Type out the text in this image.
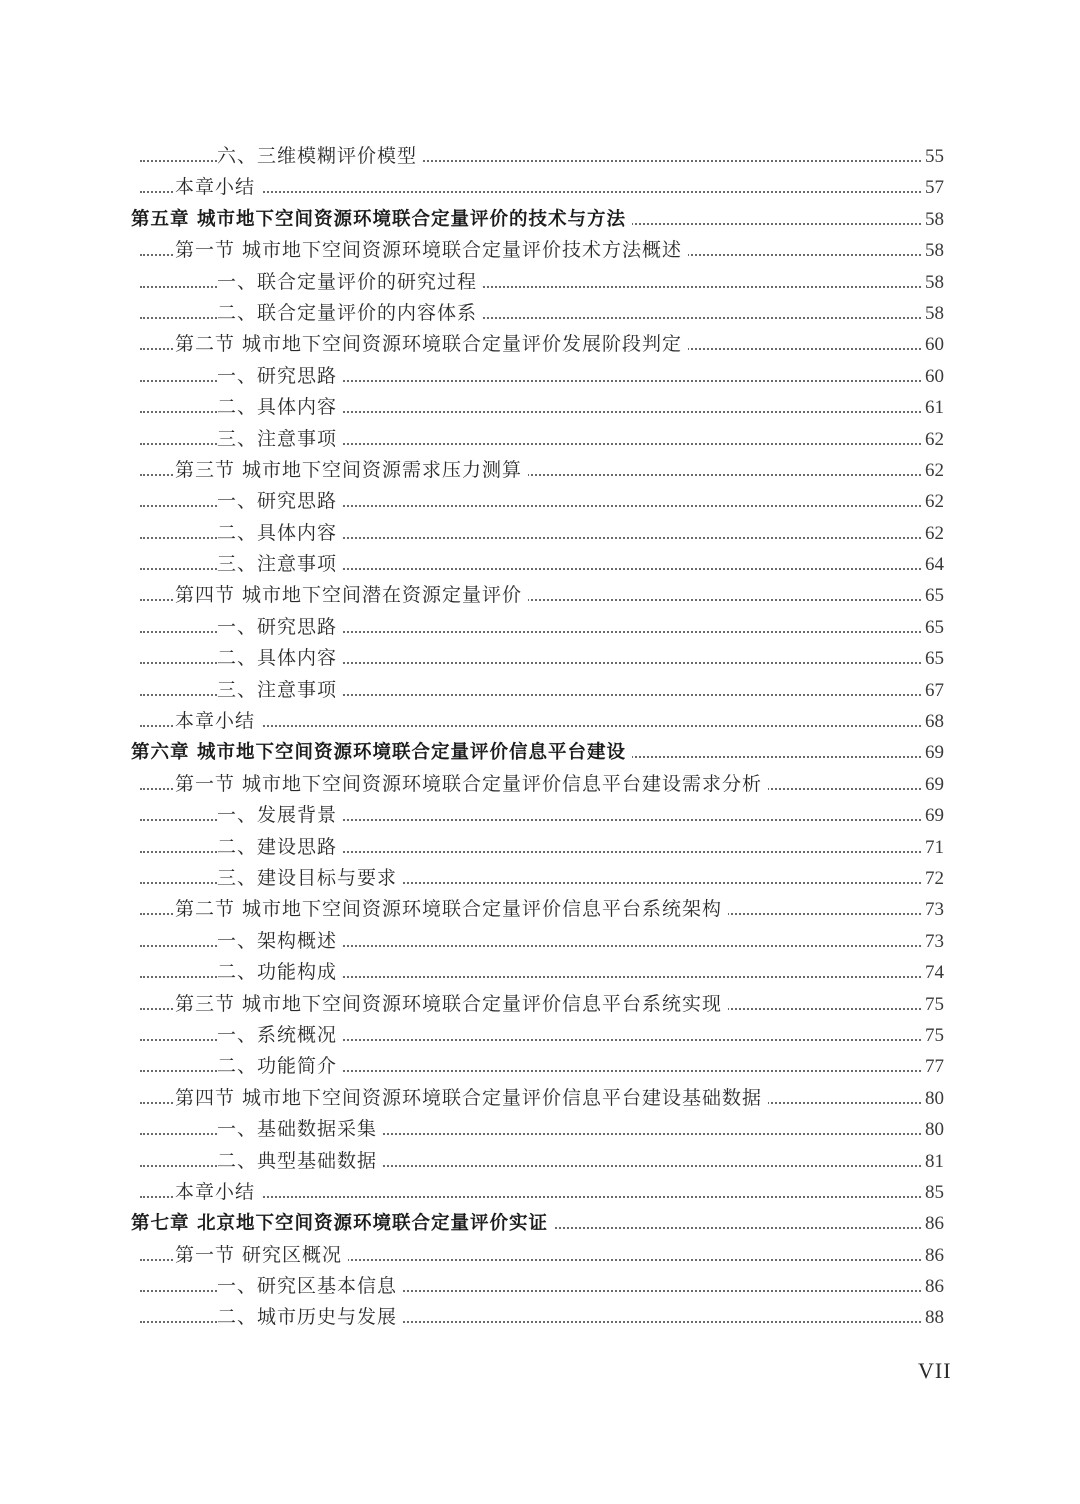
六、三维模糊评价模型	55
本章小结	57
第五章 城市地下空间资源环境联合定量评价的技术与方法	58
第一节 城市地下空间资源环境联合定量评价技术方法概述	58
一、联合定量评价的研究过程	58
二、联合定量评价的内容体系	58
第二节 城市地下空间资源环境联合定量评价发展阶段判定	60
一、研究思路	60
二、具体内容	61
三、注意事项	62
第三节 城市地下空间资源需求压力测算	62
一、研究思路	62
二、具体内容	62
三、注意事项	64
第四节 城市地下空间潜在资源定量评价	65
一、研究思路	65
二、具体内容	65
三、注意事项	67
本章小结	68
第六章 城市地下空间资源环境联合定量评价信息平台建设	69
第一节 城市地下空间资源环境联合定量评价信息平台建设需求分析	69
一、发展背景	69
二、建设思路	71
三、建设目标与要求	72
第二节 城市地下空间资源环境联合定量评价信息平台系统架构	73
一、架构概述	73
二、功能构成	74
第三节 城市地下空间资源环境联合定量评价信息平台系统实现	75
一、系统概况	75
二、功能简介	77
第四节 城市地下空间资源环境联合定量评价信息平台建设基础数据	80
一、基础数据采集	80
二、典型基础数据	81
本章小结	85
第七章 北京地下空间资源环境联合定量评价实证	86
第一节 研究区概况	86
一、研究区基本信息	86
二、城市历史与发展	88
VII
